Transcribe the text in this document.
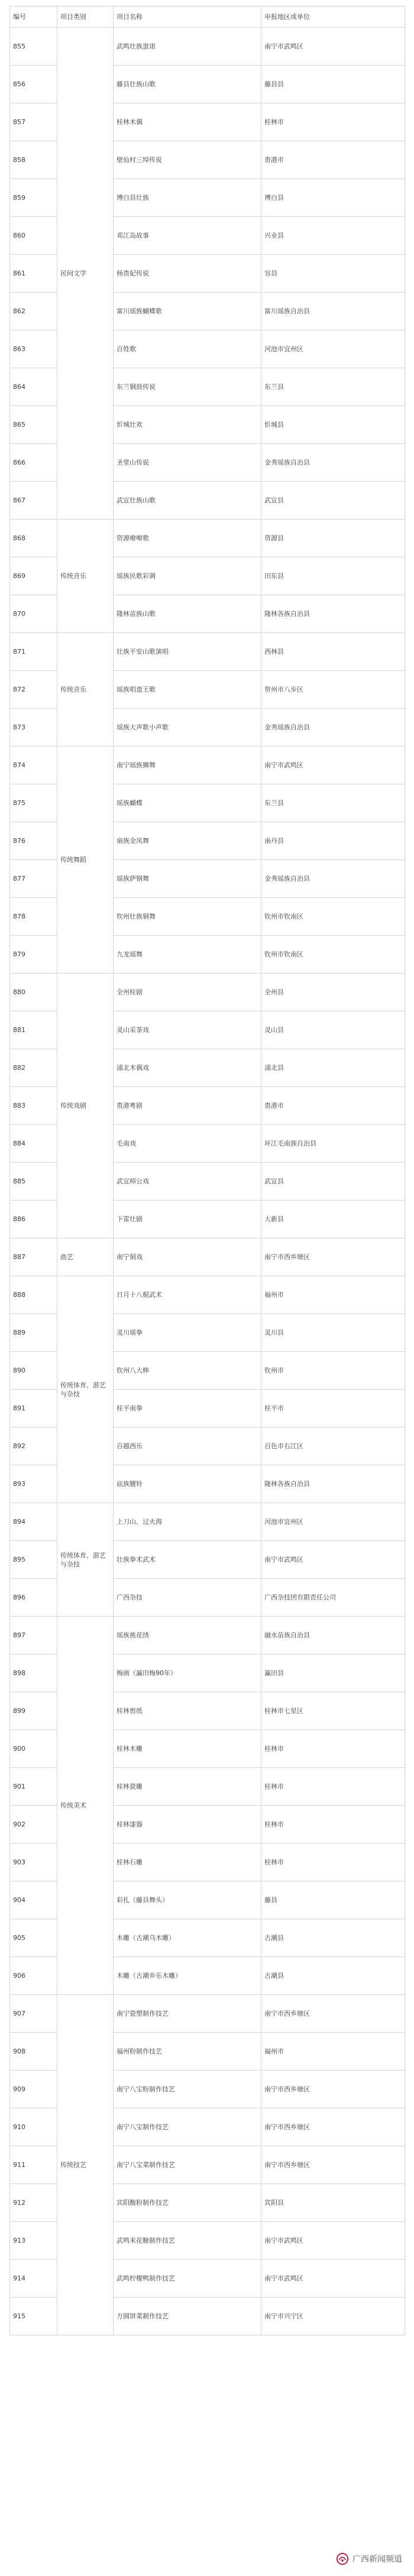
编号	项目类别	项目名称	申报地区或单位
855	民间文学	武鸣壮族蚩诺	南宁市武鸣区
856		藤县壮族山歌	藤县县
857		桂林木偶	桂林市
858		壁仙村三绰传说	贵港市
859		博白县壮族	博白县
860		邓江岛故事	兴业县
861		杨贵妃传说	容县
862		富川瑶族蝴蝶歌	富川瑶族自治县
863		百姓歌	河池市宜州区
864		东兰铜鼓传说	东兰县
865		忻城壮欢	忻城县
866		圣堂山传说	金秀瑶族自治县
867		武宣壮族山歌	武宣县
868	传统音乐	资源嘹嘹歌	资源县
869		瑶族民歌彩调	田东县
870		隆林苗族山歌	隆林各族自治县
871	传统音乐	壮族平安山歌演唱	西林县
872		瑶族唱盘王歌	贺州市八步区
873		瑶族大声歌小声歌	金秀瑶族自治县
874	传统舞蹈	南宁瑶族狮舞	南宁市武鸣区
875		瑶族蝴蝶	东兰县
876		扇族金凤舞	南丹县
877		瑶族萨钢舞	金秀瑶族自治县
878		钦州壮族铜舞	钦州市钦南区
879		九龙瑶舞	钦州市钦南区
880	传统戏剧	全州桂剧	全州县
881		灵山采茶戏	灵山县
882		浦北木偶戏	浦北县
883		贵港粤剧	贵港市
884		毛南戏	环江毛南族自治县
885		武宣师公戏	武宣县
886		下雷壮剧	大新县
887	曲艺	南宁侗戏	南宁市西乡塘区
888	传统体育、游艺与杂技	日月十八棍武术	福州市
889		灵川瑶拳	灵川县
890		钦州八大棒	钦州市
891		桂平南拳	桂平市
892		百越西乐	百色市右江区
893		底族腰铃	隆林各族自治县
894	传统体育、游艺与杂技	上刀山、过火海	河池市宜州区
895		壮族拳术武术	南宁市武鸣区
896		广西杂技	广西杂技团有限责任公司
897	传统美术	瑶族挑花绣	融水苗族自治县
898		梅画（瀛田梅90年）	瀛田县
899		桂林剪纸	桂林市七星区
900		桂林木雕	桂林市
901		桂林瓷雕	桂林市
902		桂林漆器	桂林市
903		桂林石雕	桂林市
904		彩扎（藤县舞头）	藤县
905		木雕（古潮乌木雕）	古潮县
906		木雕（古潮乡乐木雕）	古潮县
907	传统技艺	南宁瓷塑制作技艺	南宁市西乡塘区
908		福州粉制作技艺	福州市
909		南宁八宝粉制作技艺	南宁市西乡塘区
910		南宁八宝制作技艺	南宁市西乡塘区
911		南宁八宝菜制作技艺	南宁市西乡塘区
912		宾阳酸粉制作技艺	宾阳县
913		武鸣米花糖制作技艺	南宁市武鸣区
914		武鸣柠檬鸭制作技艺	南宁市武鸣区
915		方圆饼菜制作技艺	南宁市兴宁区
广西新闻频道
